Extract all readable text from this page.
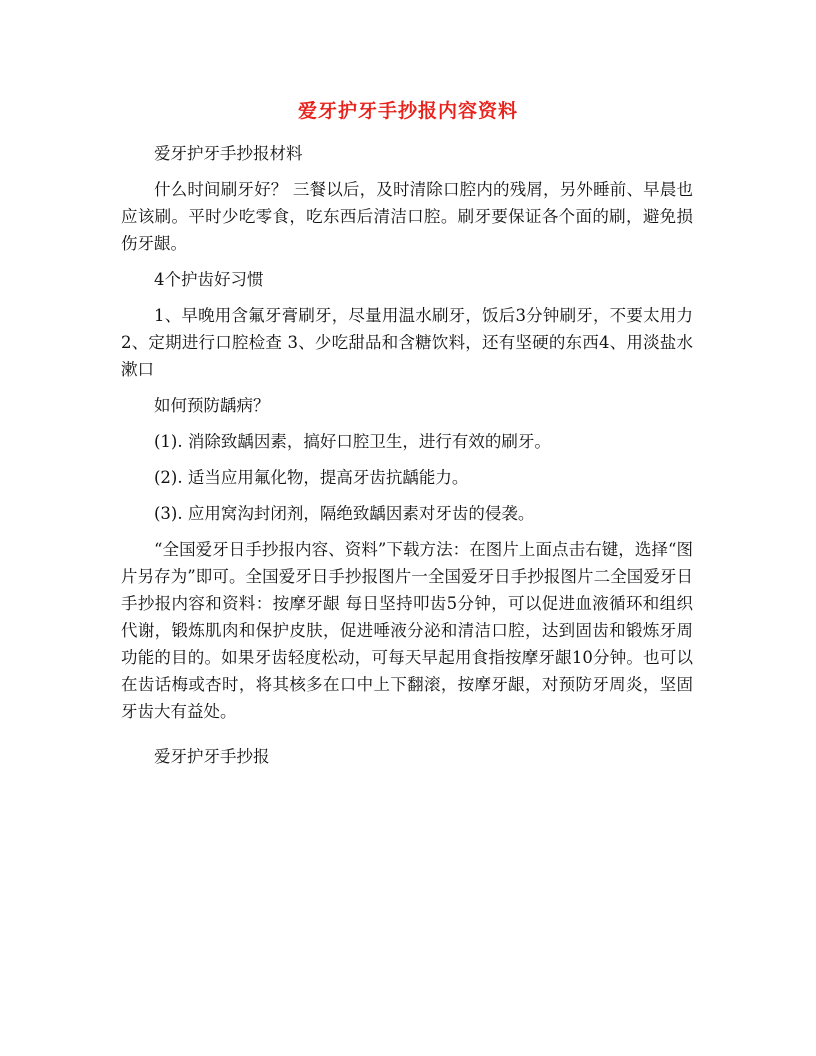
爱牙护牙手抄报内容资料

爱牙护牙手抄报材料

什么时间刷牙好？ 三餐以后，及时清除口腔内的残屑，另外睡前、早晨也应该刷。平时少吃零食，吃东西后清洁口腔。刷牙要保证各个面的刷，避免损伤牙龈。

4个护齿好习惯

1、早晚用含氟牙膏刷牙，尽量用温水刷牙，饭后3分钟刷牙，不要太用力2、定期进行口腔检查 3、少吃甜品和含糖饮料，还有坚硬的东西4、用淡盐水漱口

如何预防龋病？

(1). 消除致龋因素，搞好口腔卫生，进行有效的刷牙。

(2). 适当应用氟化物，提高牙齿抗龋能力。

(3). 应用窝沟封闭剂，隔绝致龋因素对牙齿的侵袭。

“全国爱牙日手抄报内容、资料”下载方法：在图片上面点击右键，选择“图片另存为”即可。全国爱牙日手抄报图片一全国爱牙日手抄报图片二全国爱牙日手抄报内容和资料：按摩牙龈 每日坚持叩齿5分钟，可以促进血液循环和组织代谢，锻炼肌肉和保护皮肤，促进唾液分泌和清洁口腔，达到固齿和锻炼牙周功能的目的。如果牙齿轻度松动，可每天早起用食指按摩牙龈10分钟。也可以在齿话梅或杏时，将其核多在口中上下翻滚，按摩牙龈，对预防牙周炎，坚固牙齿大有益处。

爱牙护牙手抄报
